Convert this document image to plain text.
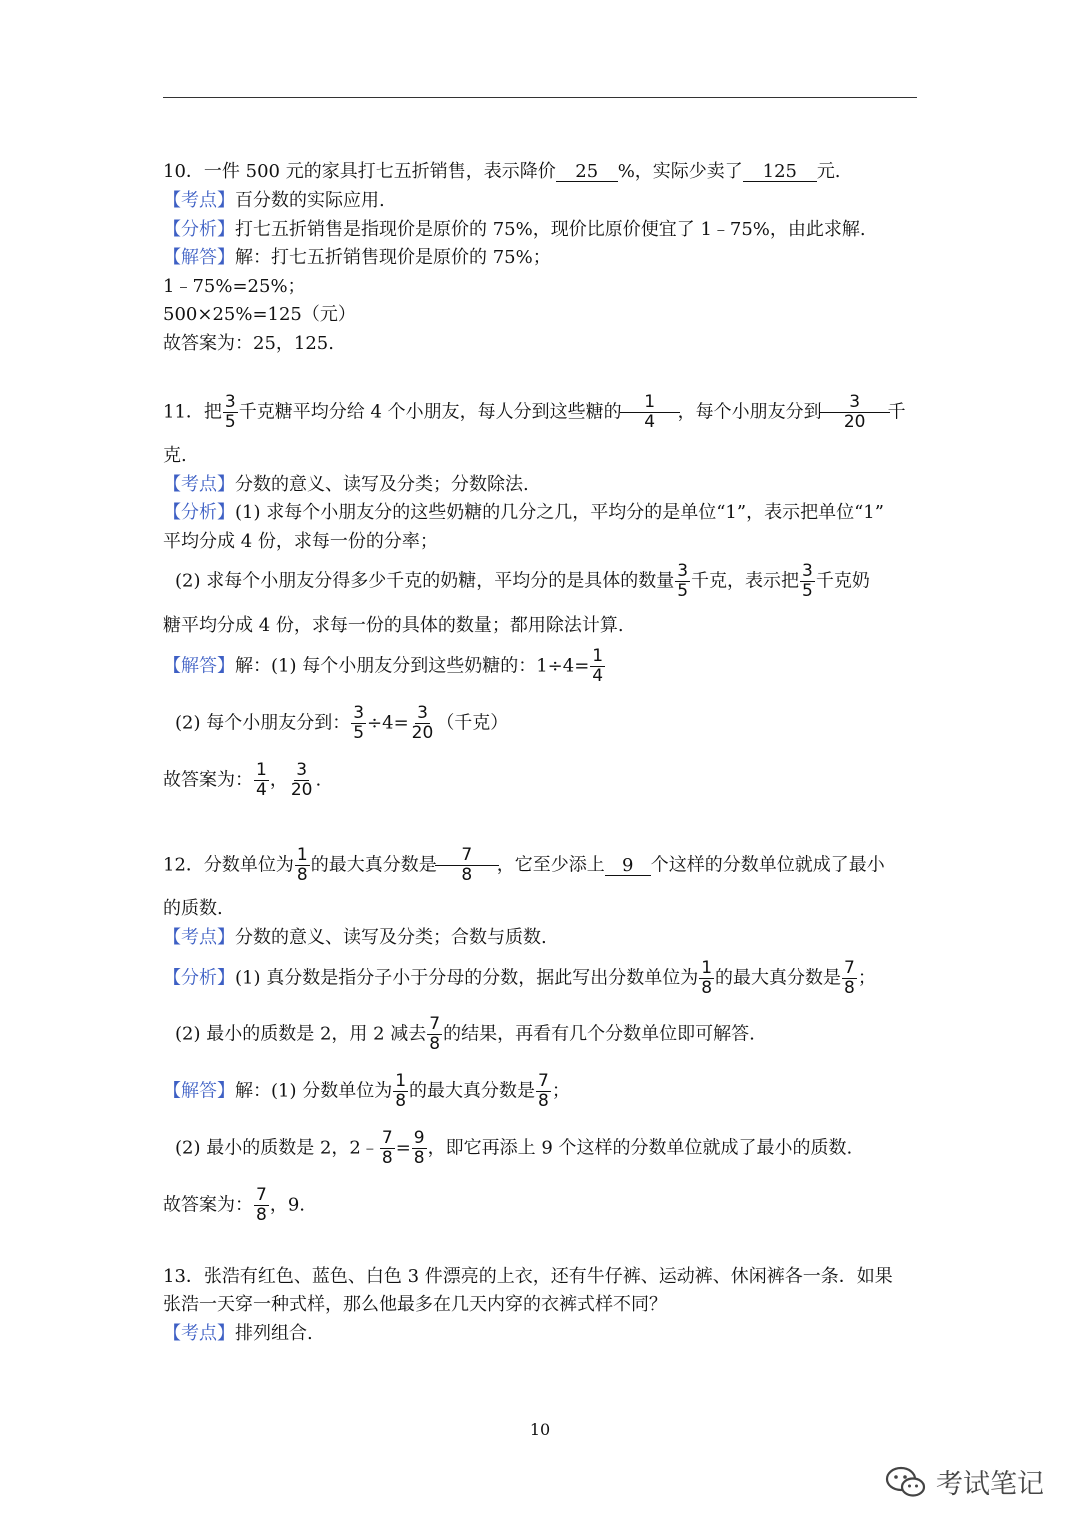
10．一件 500 元的家具打七五折销售，表示降价 25 %，实际少卖了 125 元.
【考点】百分数的实际应用.
【分析】打七五折销售是指现价是原价的 75%，现价比原价便宜了 1﹣75%，由此求解.
【解答】解：打七五折销售现价是原价的 75%；
1﹣75%=25%；
500×25%=125（元）
故答案为：25，125.
11．把 $\frac{3}{5}$ 千克糖平均分给 4 个小朋友，每人分到这些糖的 $\frac{1}{4}$ ，每个小朋友分到 $\frac{3}{20}$ 千
克.
【考点】分数的意义、读写及分类；分数除法.
【分析】(1) 求每个小朋友分的这些奶糖的几分之几，平均分的是单位“1”，表示把单位“1”
平均分成 4 份，求每一份的分率；
(2) 求每个小朋友分得多少千克的奶糖，平均分的是具体的数量 $\frac{3}{5}$ 千克，表示把 $\frac{3}{5}$ 千克奶
糖平均分成 4 份，求每一份的具体的数量；都用除法计算.
【解答】解：(1) 每个小朋友分到这些奶糖的：$1\div 4= \frac{1}{4}$
(2) 每个小朋友分到： $\frac{3}{5} \div 4= \frac{3}{20}$ （千克）
故答案为： $\frac{1}{4}$ ， $\frac{3}{20}$ .
12．分数单位为 $\frac{1}{8}$ 的最大真分数是 $\frac{7}{8}$ ，它至少添上 9 个这样的分数单位就成了最小
的质数.
【考点】分数的意义、读写及分类；合数与质数.
【分析】(1) 真分数是指分子小于分母的分数，据此写出分数单位为 $\frac{1}{8}$ 的最大真分数是 $\frac{7}{8}$ ；
(2) 最小的质数是 2，用 2 减去 $\frac{7}{8}$ 的结果，再看有几个分数单位即可解答.
【解答】解：(1) 分数单位为 $\frac{1}{8}$ 的最大真分数是 $\frac{7}{8}$ ；
(2) 最小的质数是 2，2﹣ $\frac{7}{8} = \frac{9}{8}$ ，即它再添上 9 个这样的分数单位就成了最小的质数.
故答案为： $\frac{7}{8}$ ，9.
13．张浩有红色、蓝色、白色 3 件漂亮的上衣，还有牛仔裤、运动裤、休闲裤各一条．如果
张浩一天穿一种式样，那么他最多在几天内穿的衣裤式样不同？
【考点】排列组合.
10
考试笔记
